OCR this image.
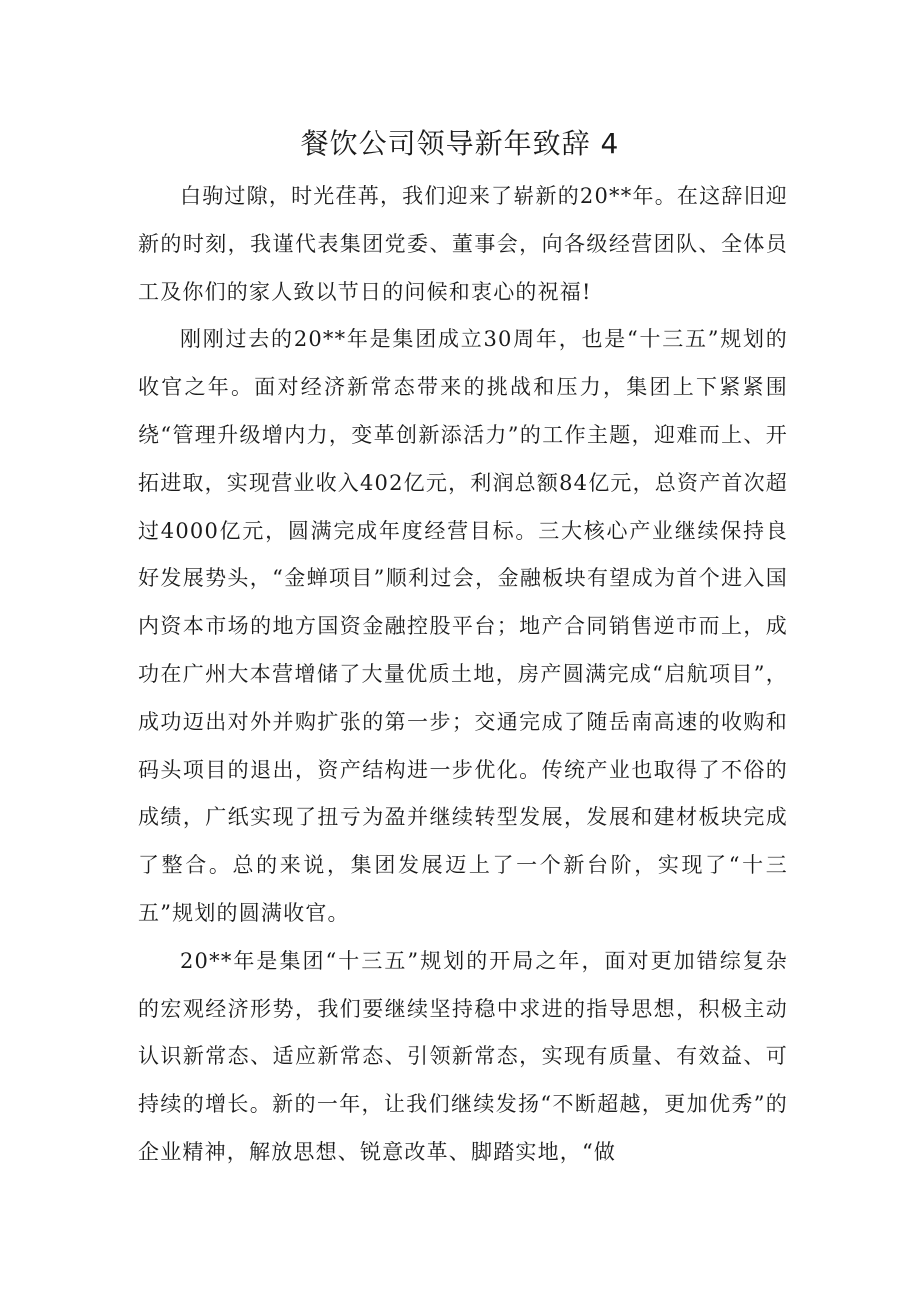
餐饮公司领导新年致辞 4

白驹过隙，时光荏苒，我们迎来了崭新的20**年。在这辞旧迎新的时刻，我谨代表集团党委、董事会，向各级经营团队、全体员工及你们的家人致以节日的问候和衷心的祝福!

刚刚过去的20**年是集团成立30周年，也是“十三五”规划的收官之年。面对经济新常态带来的挑战和压力，集团上下紧紧围绕“管理升级增内力，变革创新添活力”的工作主题，迎难而上、开拓进取，实现营业收入402亿元，利润总额84亿元，总资产首次超过4000亿元，圆满完成年度经营目标。三大核心产业继续保持良好发展势头，“金蝉项目”顺利过会，金融板块有望成为首个进入国内资本市场的地方国资金融控股平台；地产合同销售逆市而上，成功在广州大本营增储了大量优质土地，房产圆满完成“启航项目”，成功迈出对外并购扩张的第一步；交通完成了随岳南高速的收购和码头项目的退出，资产结构进一步优化。传统产业也取得了不俗的成绩，广纸实现了扭亏为盈并继续转型发展，发展和建材板块完成了整合。总的来说，集团发展迈上了一个新台阶，实现了“十三五”规划的圆满收官。

20**年是集团“十三五”规划的开局之年，面对更加错综复杂的宏观经济形势，我们要继续坚持稳中求进的指导思想，积极主动认识新常态、适应新常态、引领新常态，实现有质量、有效益、可持续的增长。新的一年，让我们继续发扬“不断超越，更加优秀”的企业精神，解放思想、锐意改革、脚踏实地，“做
